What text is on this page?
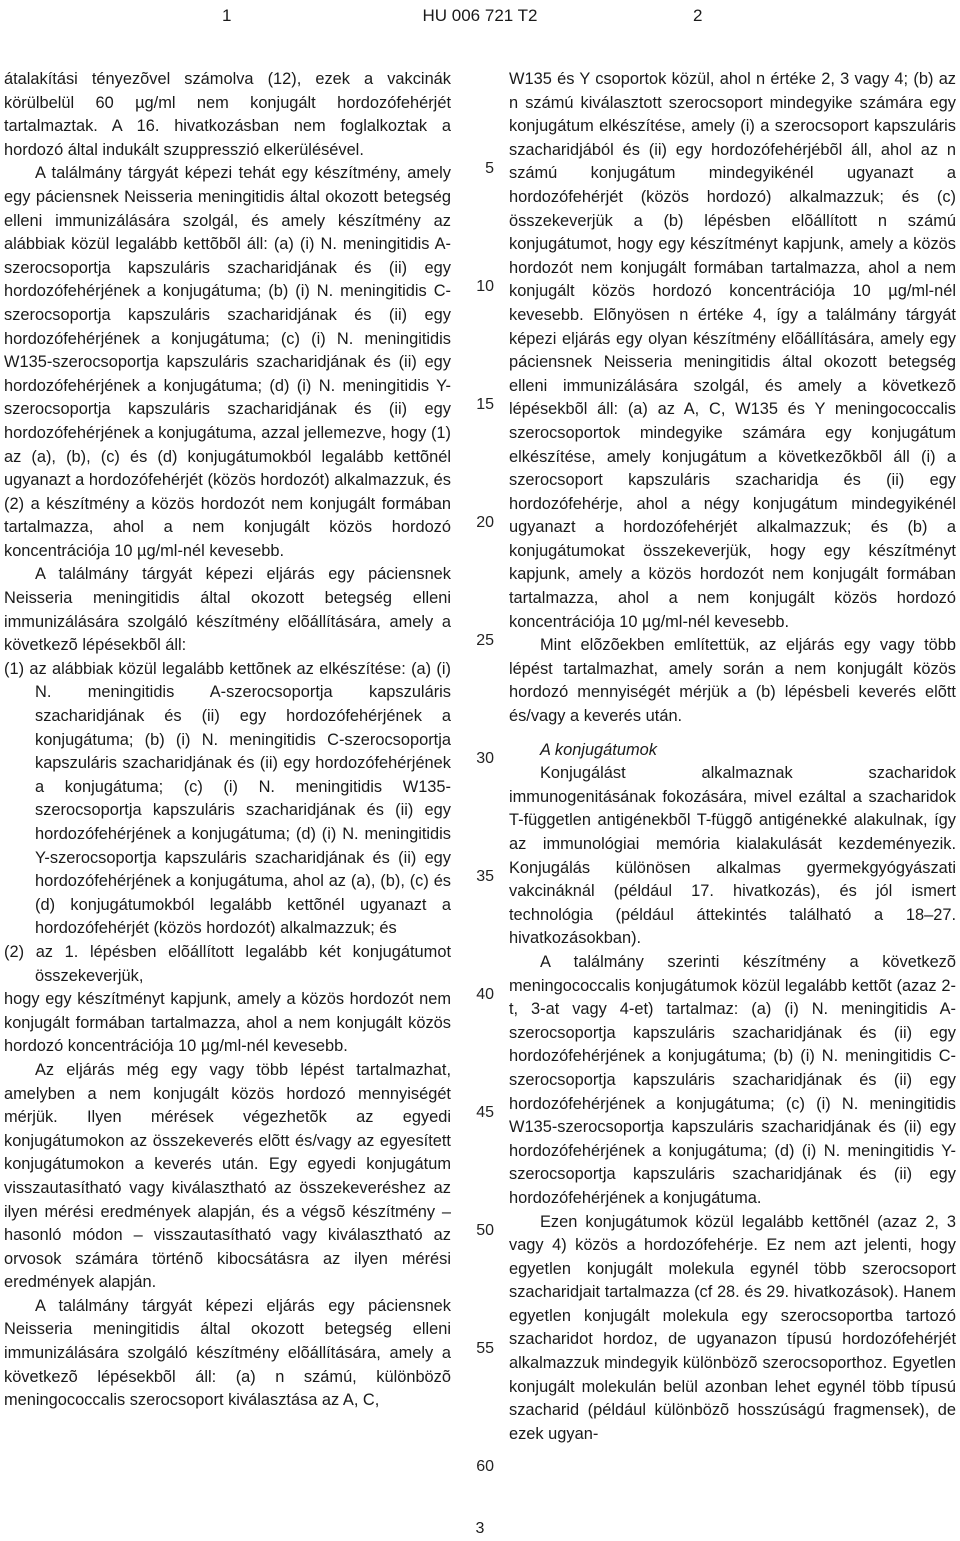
1	HU 006 721 T2	2

átalakítási tényezõvel számolva (12), ezek a vakcinák körülbelül 60 µg/ml nem konjugált hordozófehérjét tartalmaztak. A 16. hivatkozásban nem foglalkoztak a hordozó által indukált szuppresszió elkerülésével.

A találmány tárgyát képezi tehát egy készítmény, amely egy páciensnek Neisseria meningitidis által okozott betegség elleni immunizálására szolgál, és amely készítmény az alábbiak közül legalább kettõbõl áll: (a) (i) N. meningitidis A-szerocsoportja kapszuláris szacharidjának és (ii) egy hordozófehérjének a konjugátuma; (b) (i) N. meningitidis C-szerocsoportja kapszuláris szacharidjának és (ii) egy hordozófehérjének a konjugátuma; (c) (i) N. meningitidis W135-szerocsoportja kapszuláris szacharidjának és (ii) egy hordozófehérjének a konjugátuma; (d) (i) N. meningitidis Y-szerocsoportja kapszuláris szacharidjának és (ii) egy hordozófehérjének a konjugátuma, azzal jellemezve, hogy (1) az (a), (b), (c) és (d) konjugátumokból legalább kettõnél ugyanazt a hordozófehérjét (közös hordozót) alkalmazzuk, és (2) a készítmény a közös hordozót nem konjugált formában tartalmazza, ahol a nem konjugált közös hordozó koncentrációja 10 µg/ml-nél kevesebb.

A találmány tárgyát képezi eljárás egy páciensnek Neisseria meningitidis által okozott betegség elleni immunizálására szolgáló készítmény elõállítására, amely a következõ lépésekbõl áll:

(1) az alábbiak közül legalább kettõnek az elkészítése: (a) (i) N. meningitidis A-szerocsoportja kapszuláris szacharidjának és (ii) egy hordozófehérjének a konjugátuma; (b) (i) N. meningitidis C-szerocsoportja kapszuláris szacharidjának és (ii) egy hordozófehérjének a konjugátuma; (c) (i) N. meningitidis W135-szerocsoportja kapszuláris szacharidjának és (ii) egy hordozófehérjének a konjugátuma; (d) (i) N. meningitidis Y-szerocsoportja kapszuláris szacharidjának és (ii) egy hordozófehérjének a konjugátuma, ahol az (a), (b), (c) és (d) konjugátumokból legalább kettõnél ugyanazt a hordozófehérjét (közös hordozót) alkalmazzuk; és

(2) az 1. lépésben elõállított legalább két konjugátumot összekeverjük,

hogy egy készítményt kapjunk, amely a közös hordozót nem konjugált formában tartalmazza, ahol a nem konjugált közös hordozó koncentrációja 10 µg/ml-nél kevesebb.

Az eljárás még egy vagy több lépést tartalmazhat, amelyben a nem konjugált közös hordozó mennyiségét mérjük. Ilyen mérések végezhetõk az egyedi konjugátumokon az összekeverés elõtt és/vagy az egyesített konjugátumokon a keverés után. Egy egyedi konjugátum visszautasítható vagy kiválasztható az összekeveréshez az ilyen mérési eredmények alapján, és a végsõ készítmény – hasonló módon – visszautasítható vagy kiválasztható az orvosok számára történõ kibocsátásra az ilyen mérési eredmények alapján.

A találmány tárgyát képezi eljárás egy páciensnek Neisseria meningitidis által okozott betegség elleni immunizálására szolgáló készítmény elõállítására, amely a következõ lépésekbõl áll: (a) n számú, különbözõ meningococcalis szerocsoport kiválasztása az A, C,

5
10
15
20
25
30
35
40
45
50
55
60

W135 és Y csoportok közül, ahol n értéke 2, 3 vagy 4; (b) az n számú kiválasztott szerocsoport mindegyike számára egy konjugátum elkészítése, amely (i) a szerocsoport kapszuláris szacharidjából és (ii) egy hordozófehérjébõl áll, ahol az n számú konjugátum mindegyikénél ugyanazt a hordozófehérjét (közös hordozó) alkalmazzuk; és (c) összekeverjük a (b) lépésben elõállított n számú konjugátumot, hogy egy készítményt kapjunk, amely a közös hordozót nem konjugált formában tartalmazza, ahol a nem konjugált közös hordozó koncentrációja 10 µg/ml-nél kevesebb. Elõnyösen n értéke 4, így a találmány tárgyát képezi eljárás egy olyan készítmény elõállítására, amely egy páciensnek Neisseria meningitidis által okozott betegség elleni immunizálására szolgál, és amely a következõ lépésekbõl áll: (a) az A, C, W135 és Y meningococcalis szerocsoportok mindegyike számára egy konjugátum elkészítése, amely konjugátum a következõkbõl áll (i) a szerocsoport kapszuláris szacharidja és (ii) egy hordozófehérje, ahol a négy konjugátum mindegyikénél ugyanazt a hordozófehérjét alkalmazzuk; és (b) a konjugátumokat összekeverjük, hogy egy készítményt kapjunk, amely a közös hordozót nem konjugált formában tartalmazza, ahol a nem konjugált közös hordozó koncentrációja 10 µg/ml-nél kevesebb.

Mint elõzõekben említettük, az eljárás egy vagy több lépést tartalmazhat, amely során a nem konjugált közös hordozó mennyiségét mérjük a (b) lépésbeli keverés elõtt és/vagy a keverés után.

A konjugátumok

Konjugálást alkalmaznak szacharidok immunogenitásának fokozására, mivel ezáltal a szacharidok T-független antigénekbõl T-függõ antigénekké alakulnak, így az immunológiai memória kialakulását kezdeményezik. Konjugálás különösen alkalmas gyermekgyógyászati vakcináknál (például 17. hivatkozás), és jól ismert technológia (például áttekintés található a 18–27. hivatkozásokban).

A találmány szerinti készítmény a következõ meningococcalis konjugátumok közül legalább kettõt (azaz 2-t, 3-at vagy 4-et) tartalmaz: (a) (i) N. meningitidis A-szerocsoportja kapszuláris szacharidjának és (ii) egy hordozófehérjének a konjugátuma; (b) (i) N. meningitidis C-szerocsoportja kapszuláris szacharidjának és (ii) egy hordozófehérjének a konjugátuma; (c) (i) N. meningitidis W135-szerocsoportja kapszuláris szacharidjának és (ii) egy hordozófehérjének a konjugátuma; (d) (i) N. meningitidis Y-szerocsoportja kapszuláris szacharidjának és (ii) egy hordozófehérjének a konjugátuma.

Ezen konjugátumok közül legalább kettõnél (azaz 2, 3 vagy 4) közös a hordozófehérje. Ez nem azt jelenti, hogy egyetlen konjugált molekula egynél több szerocsoport szacharidjait tartalmazza (cf 28. és 29. hivatkozások). Hanem egyetlen konjugált molekula egy szerocsoportba tartozó szacharidot hordoz, de ugyanazon típusú hordozófehérjét alkalmazzuk mindegyik különbözõ szerocsoporthoz. Egyetlen konjugált molekulán belül azonban lehet egynél több típusú szacharid (például különbözõ hosszúságú fragmensek), de ezek ugyan-

3
